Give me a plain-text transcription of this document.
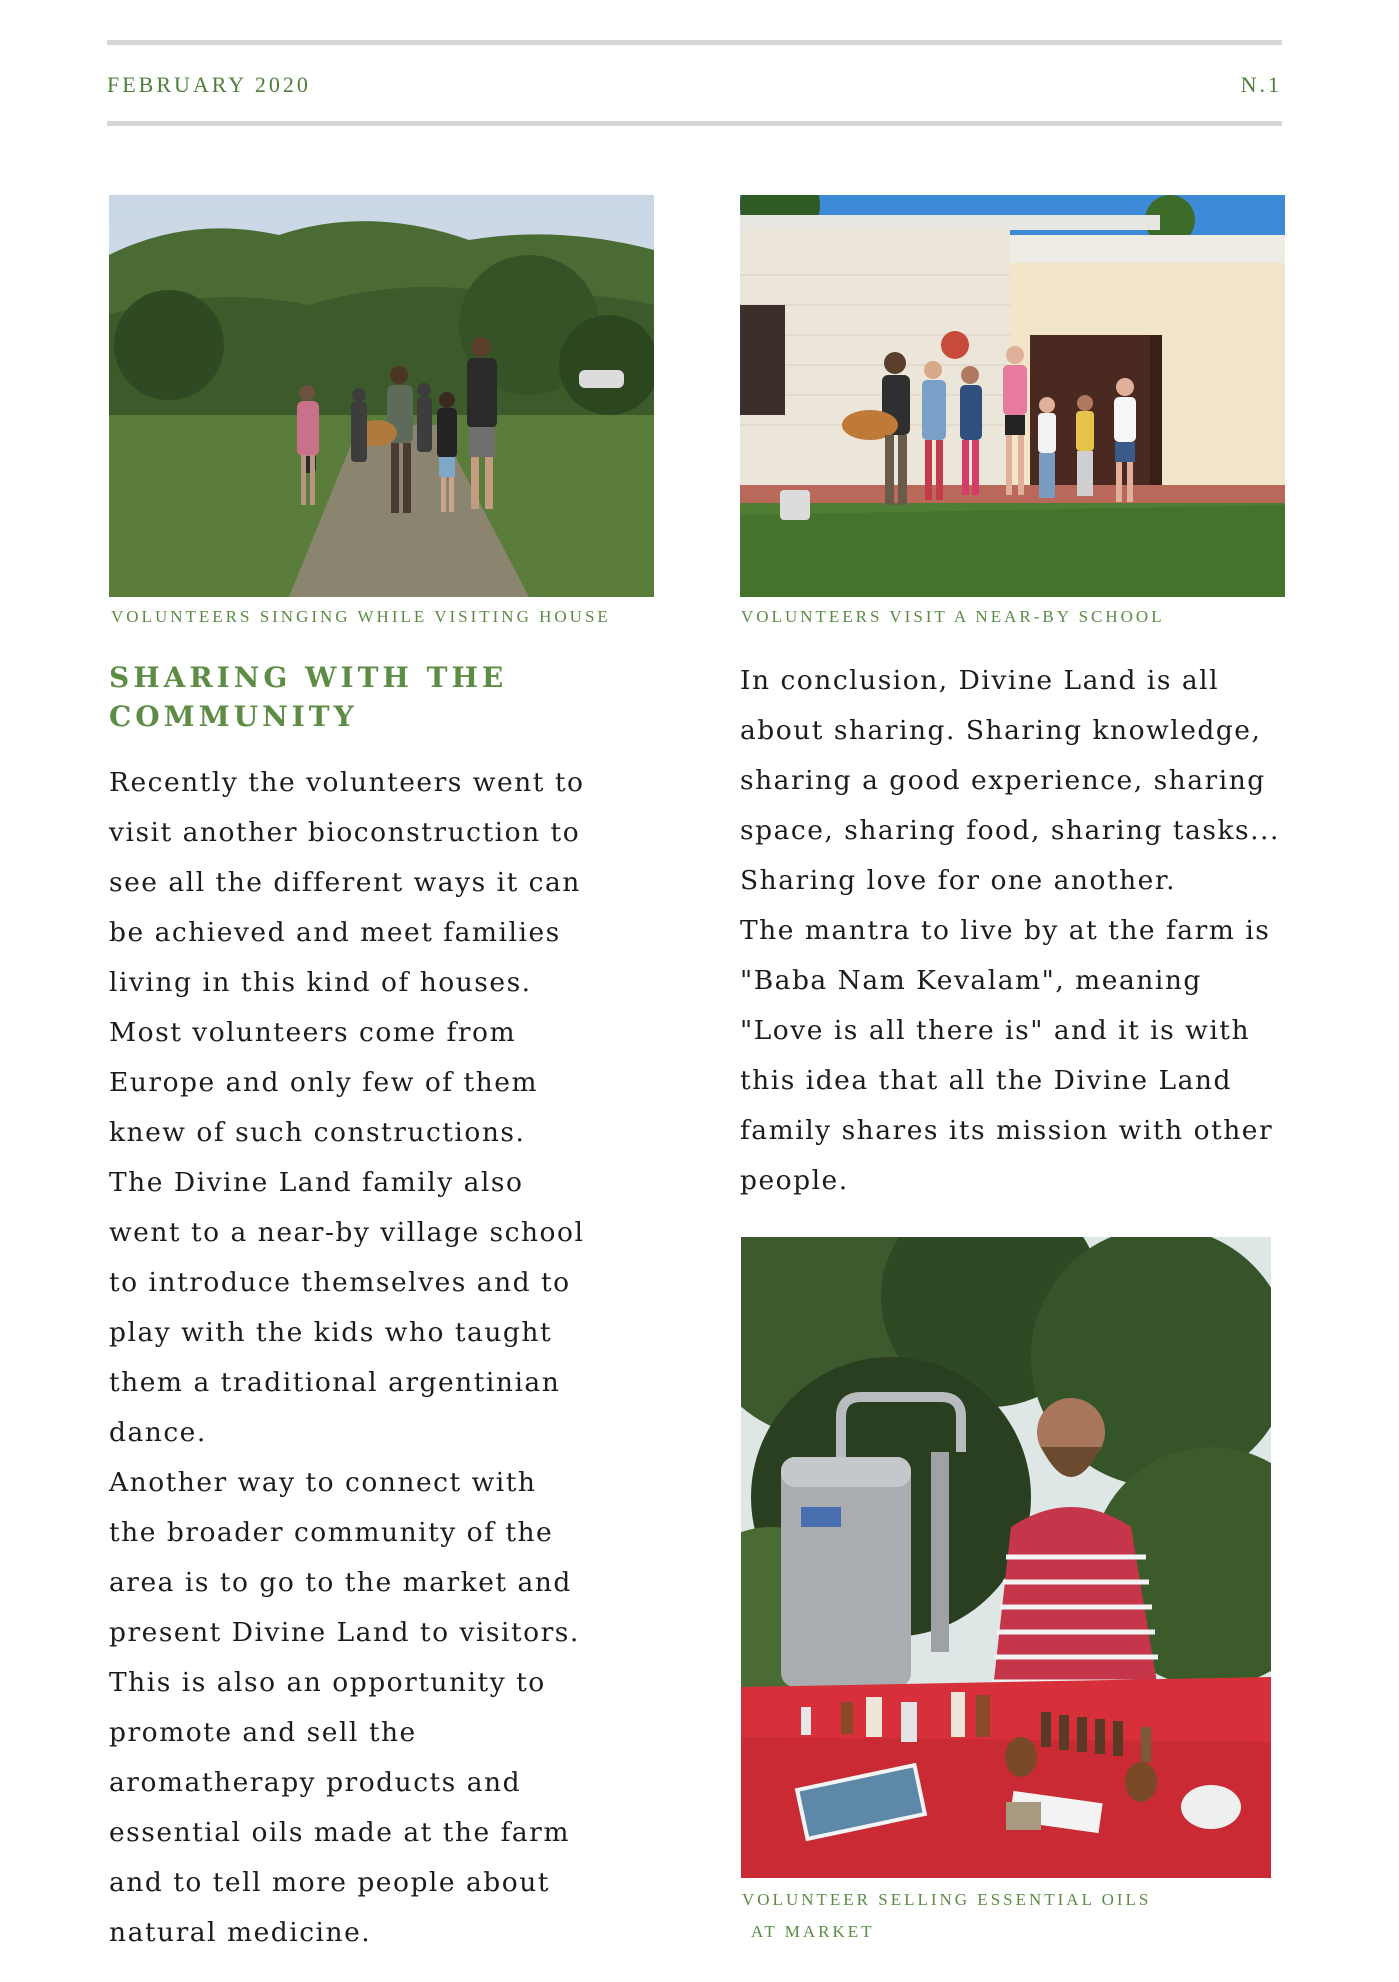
FEBRUARY 2020	N.1
VOLUNTEERS SINGING WHILE VISITING HOUSE	VOLUNTEERS VISIT A NEAR-BY SCHOOL
SHARING WITH THE COMMUNITY
Recently the volunteers went to
visit another bioconstruction to
see all the different ways it can
be achieved and meet families
living in this kind of houses.
Most volunteers come from
Europe and only few of them
knew of such constructions.
The Divine Land family also
went to a near-by village school
to introduce themselves and to
play with the kids who taught
them a traditional argentinian
dance.
Another way to connect with
the broader community of the
area is to go to the market and
present Divine Land to visitors.
This is also an opportunity to
promote and sell the
aromatherapy products and
essential oils made at the farm
and to tell more people about
natural medicine.
In conclusion, Divine Land is all
about sharing. Sharing knowledge,
sharing a good experience, sharing
space, sharing food, sharing tasks...
Sharing love for one another.
The mantra to live by at the farm is
"Baba Nam Kevalam", meaning
"Love is all there is" and it is with
this idea that all the Divine Land
family shares its mission with other
people.
VOLUNTEER SELLING ESSENTIAL OILS
AT MARKET
